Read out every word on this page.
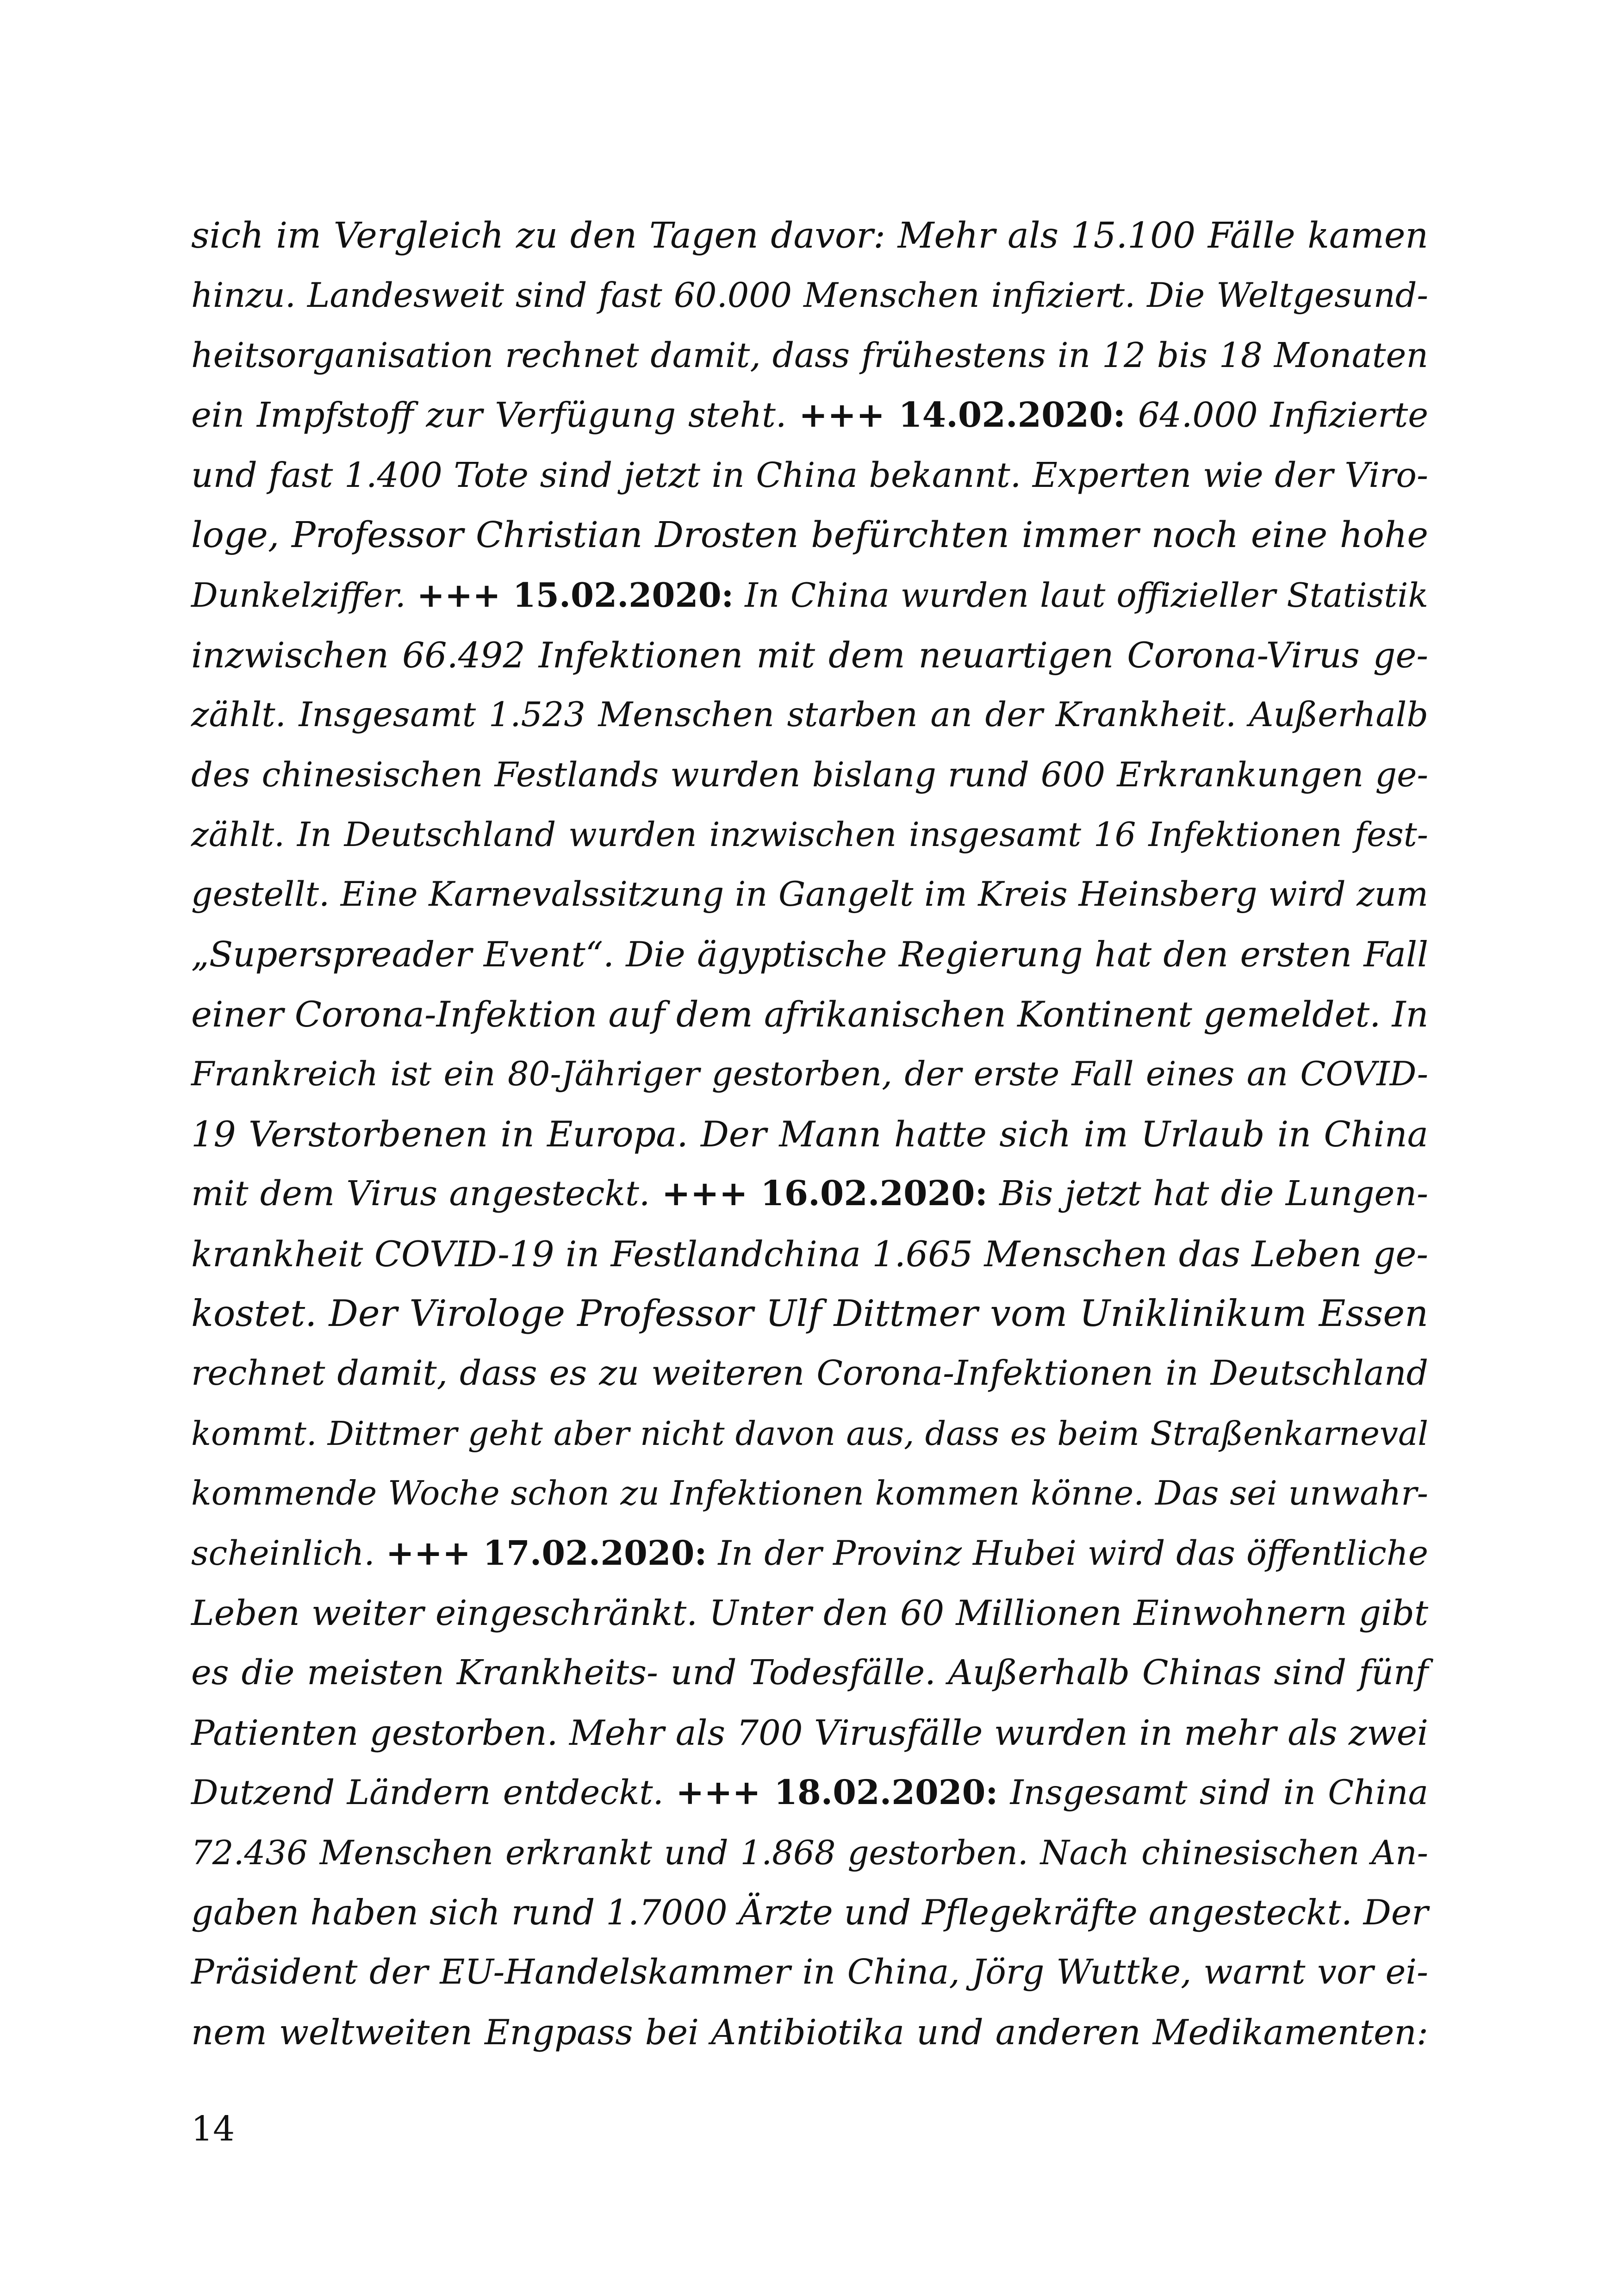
sich im Vergleich zu den Tagen davor: Mehr als 15.100 Fälle kamen
hinzu. Landesweit sind fast 60.000 Menschen infiziert. Die Weltgesund-
heitsorganisation rechnet damit, dass frühestens in 12 bis 18 Monaten
ein Impfstoff zur Verfügung steht. +++ 14.02.2020: 64.000 Infizierte
und fast 1.400 Tote sind jetzt in China bekannt. Experten wie der Viro-
loge, Professor Christian Drosten befürchten immer noch eine hohe
Dunkelziffer. +++ 15.02.2020: In China wurden laut offizieller Statistik
inzwischen 66.492 Infektionen mit dem neuartigen Corona-Virus ge-
zählt. Insgesamt 1.523 Menschen starben an der Krankheit. Außerhalb
des chinesischen Festlands wurden bislang rund 600 Erkrankungen ge-
zählt. In Deutschland wurden inzwischen insgesamt 16 Infektionen fest-
gestellt. Eine Karnevalssitzung in Gangelt im Kreis Heinsberg wird zum
„Superspreader Event“. Die ägyptische Regierung hat den ersten Fall
einer Corona-Infektion auf dem afrikanischen Kontinent gemeldet. In
Frankreich ist ein 80-Jähriger gestorben, der erste Fall eines an COVID-
19 Verstorbenen in Europa. Der Mann hatte sich im Urlaub in China
mit dem Virus angesteckt. +++ 16.02.2020: Bis jetzt hat die Lungen-
krankheit COVID-19 in Festlandchina 1.665 Menschen das Leben ge-
kostet. Der Virologe Professor Ulf Dittmer vom Uniklinikum Essen
rechnet damit, dass es zu weiteren Corona-Infektionen in Deutschland
kommt. Dittmer geht aber nicht davon aus, dass es beim Straßenkarneval
kommende Woche schon zu Infektionen kommen könne. Das sei unwahr-
scheinlich. +++ 17.02.2020: In der Provinz Hubei wird das öffentliche
Leben weiter eingeschränkt. Unter den 60 Millionen Einwohnern gibt
es die meisten Krankheits- und Todesfälle. Außerhalb Chinas sind fünf
Patienten gestorben. Mehr als 700 Virusfälle wurden in mehr als zwei
Dutzend Ländern entdeckt. +++ 18.02.2020: Insgesamt sind in China
72.436 Menschen erkrankt und 1.868 gestorben. Nach chinesischen An-
gaben haben sich rund 1.7000 Ärzte und Pflegekräfte angesteckt. Der
Präsident der EU-Handelskammer in China, Jörg Wuttke, warnt vor ei-
nem weltweiten Engpass bei Antibiotika und anderen Medikamenten:
14
